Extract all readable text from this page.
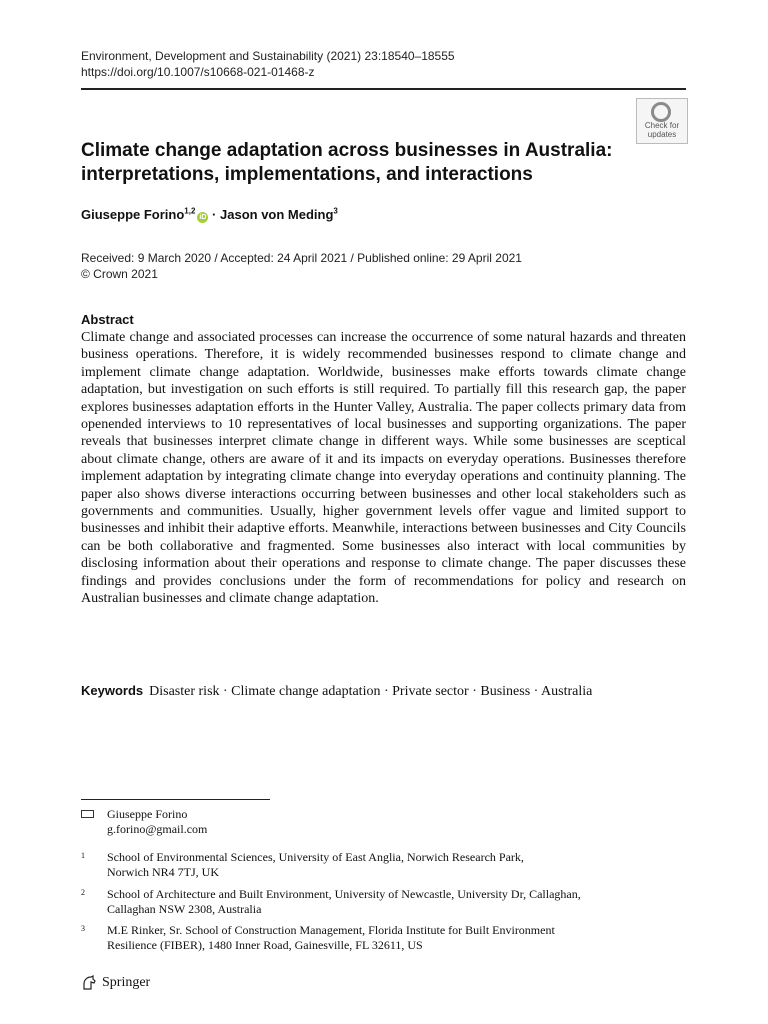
Environment, Development and Sustainability (2021) 23:18540–18555
https://doi.org/10.1007/s10668-021-01468-z
Check for
updates
Climate change adaptation across businesses in Australia:
interpretations, implementations, and interactions
Giuseppe Forino$^{1,2}$iD · Jason von Meding$^3$
Received: 9 March 2020 / Accepted: 24 April 2021 / Published online: 29 April 2021
© Crown 2021
Abstract
Climate change and associated processes can increase the occurrence of some natural hazards and threaten business operations. Therefore, it is widely recommended businesses respond to climate change and implement climate change adaptation. Worldwide, businesses make efforts towards climate change adaptation, but investigation on such efforts is still required. To partially fill this research gap, the paper explores businesses adaptation efforts in the Hunter Valley, Australia. The paper collects primary data from openended interviews to 10 representatives of local businesses and supporting organizations. The paper reveals that businesses interpret climate change in different ways. While some businesses are sceptical about climate change, others are aware of it and its impacts on everyday operations. Businesses therefore implement adaptation by integrating climate change into everyday operations and continuity planning. The paper also shows diverse interactions occurring between businesses and other local stakeholders such as governments and communities. Usually, higher government levels offer vague and limited support to businesses and inhibit their adaptive efforts. Meanwhile, interactions between businesses and City Councils can be both collaborative and fragmented. Some businesses also interact with local communities by disclosing information about their operations and response to climate change. The paper discusses these findings and provides conclusions under the form of recommendations for policy and research on Australian businesses and climate change adaptation.
Keywords Disaster risk · Climate change adaptation · Private sector · Business · Australia
Giuseppe Forino
g.forino@gmail.com
1 School of Environmental Sciences, University of East Anglia, Norwich Research Park,
Norwich NR4 7TJ, UK
2 School of Architecture and Built Environment, University of Newcastle, University Dr, Callaghan,
Callaghan NSW 2308, Australia
3 M.E Rinker, Sr. School of Construction Management, Florida Institute for Built Environment
Resilience (FIBER), 1480 Inner Road, Gainesville, FL 32611, US
Springer
